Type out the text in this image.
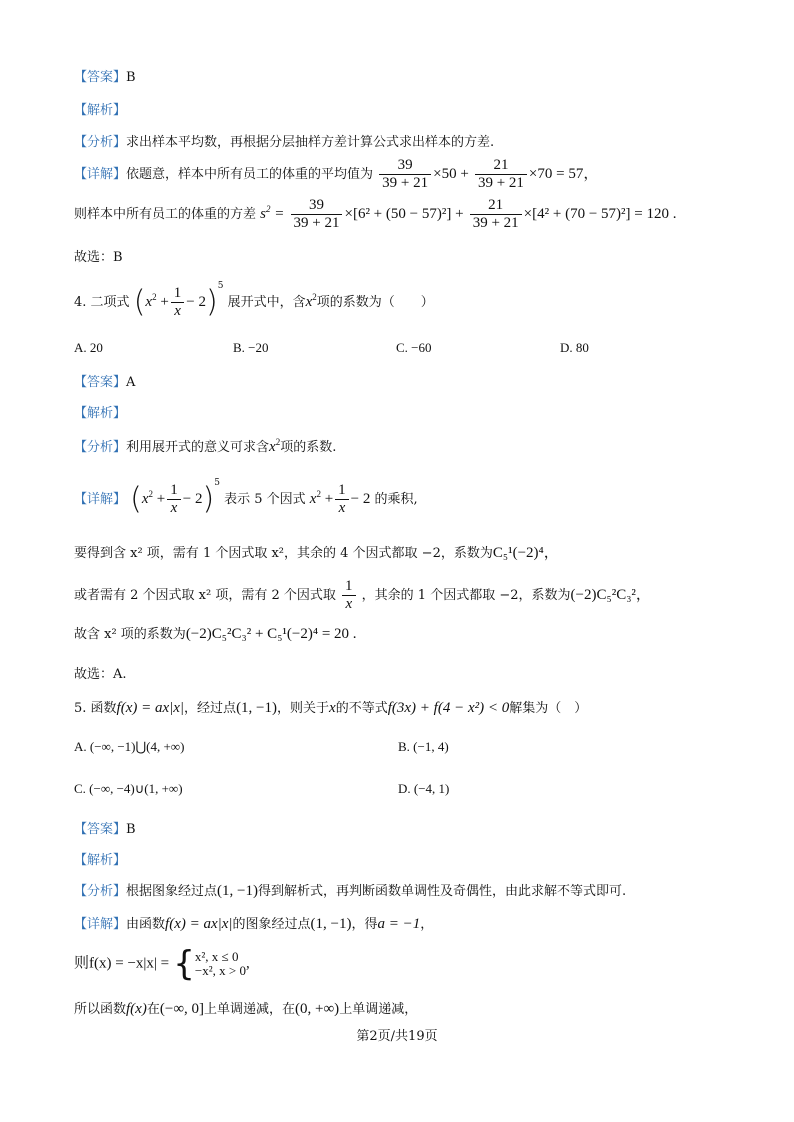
【答案】B
【解析】
【分析】求出样本平均数，再根据分层抽样方差计算公式求出样本的方差.
【详解】依题意，样本中所有员工的体重的平均值为 $\frac{39}{39 + 21} \times 50 + \frac{21}{39 + 21} \times 70 = 57$，
则样本中所有员工的体重的方差 $s^2 = \frac{39}{39 + 21} \times[6^2 + (50 - 57)^2] + \frac{21}{39 + 21} \times[4^2 + (70 - 57)^2] = 120$ .
故选：B
4. 二项式 $(x^2 + \frac{1}{x} - 2)^5$ 展开式中，含$x^2$项的系数为（　　）
A. 20	B. −20	C. −60	D. 80
【答案】A
【解析】
【分析】利用展开式的意义可求含$x^2$项的系数.
【详解】 $(x^2 + \frac{1}{x} - 2)^5$ 表示 5 个因式 $x^2 + \frac{1}{x} - 2$ 的乘积,
要得到含 x² 项，需有 1 个因式取 x²，其余的 4 个因式都取 −2，系数为C₅¹(−2)⁴，
或者需有 2 个因式取 x² 项，需有 2 个因式取 $\frac{1}{x}$ ，其余的 1 个因式都取 −2，系数为(−2)C₅²C₃²，
故含 x² 项的系数为(−2)C₅²C₃² + C₅¹(−2)⁴ = 20 .
故选：A.
5. 函数f(x) = ax|x|，经过点(1, −1)，则关于x的不等式f(3x) + f(4 − x²) < 0解集为（　）
A. (−∞, −1)⋃(4, +∞)	B. (−1, 4)
C. (−∞, −4)∪(1, +∞)	D. (−4, 1)
【答案】B
【解析】
【分析】根据图象经过点(1, −1)得到解析式，再判断函数单调性及奇偶性，由此求解不等式即可.
【详解】由函数f(x) = ax|x|的图象经过点(1, −1)，得a = −1，
则f(x) = −x|x| = { x², x ≤ 0
−x², x > 0 ,
所以函数f(x)在(−∞, 0]上单调递减，在(0, +∞)上单调递减，
第2页/共19页
